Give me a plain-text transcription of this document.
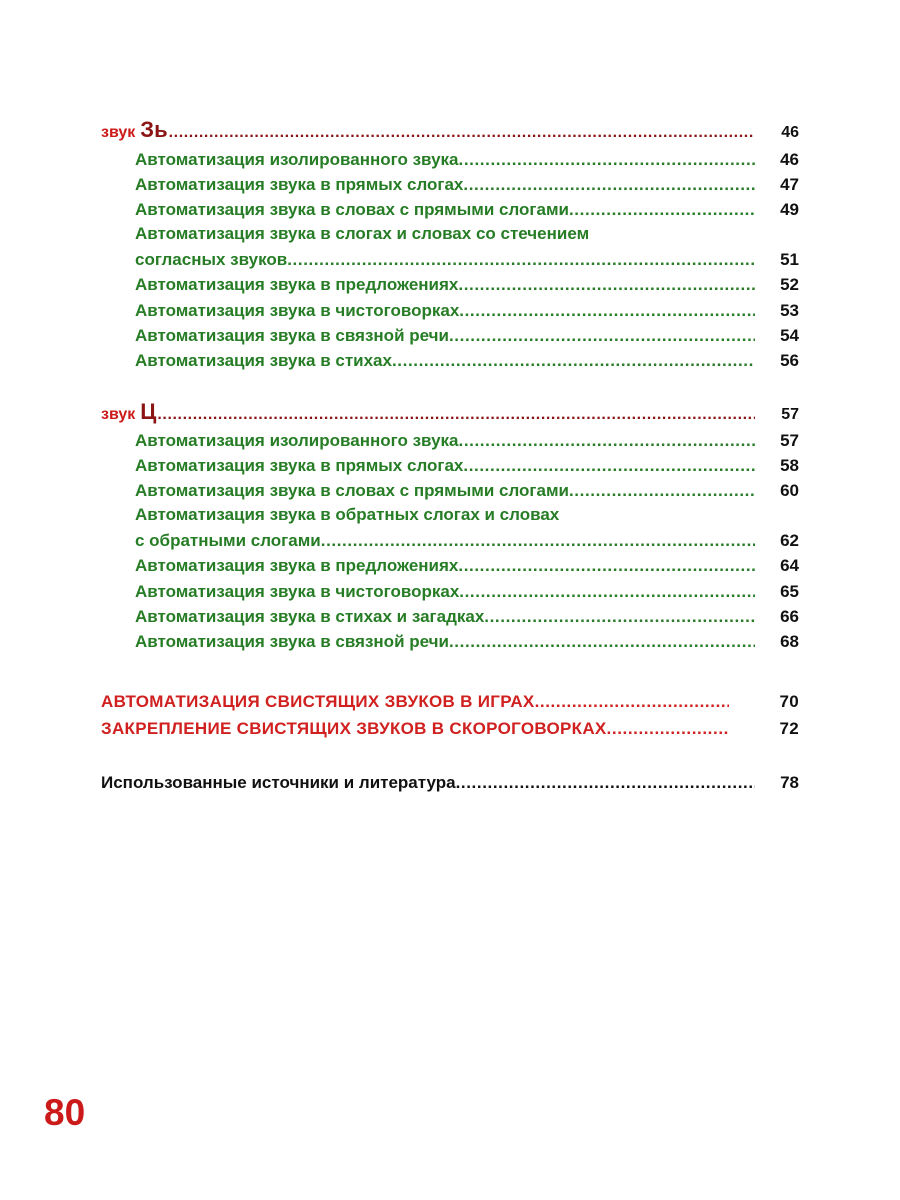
звук Зь .....	46
Автоматизация изолированного звука .....	46
Автоматизация звука в прямых слогах .....	47
Автоматизация звука в словах с прямыми слогами .....	49
Автоматизация звука в слогах и словах со стечением
согласных звуков .....	51
Автоматизация звука в предложениях .....	52
Автоматизация звука в чистоговорках .....	53
Автоматизация звука в связной речи .....	54
Автоматизация звука в стихах .....	56
звук Ц .....	57
Автоматизация изолированного звука .....	57
Автоматизация звука в прямых слогах .....	58
Автоматизация звука в словах с прямыми слогами .....	60
Автоматизация звука в обратных слогах и словах
с обратными слогами .....	62
Автоматизация звука в предложениях .....	64
Автоматизация звука в чистоговорках .....	65
Автоматизация звука в стихах и загадках .....	66
Автоматизация звука в связной речи .....	68
АВТОМАТИЗАЦИЯ СВИСТЯЩИХ ЗВУКОВ В ИГРАХ .....	70
ЗАКРЕПЛЕНИЕ СВИСТЯЩИХ ЗВУКОВ В СКОРОГОВОРКАХ .....	72
Использованные источники и литература .....	78
80
